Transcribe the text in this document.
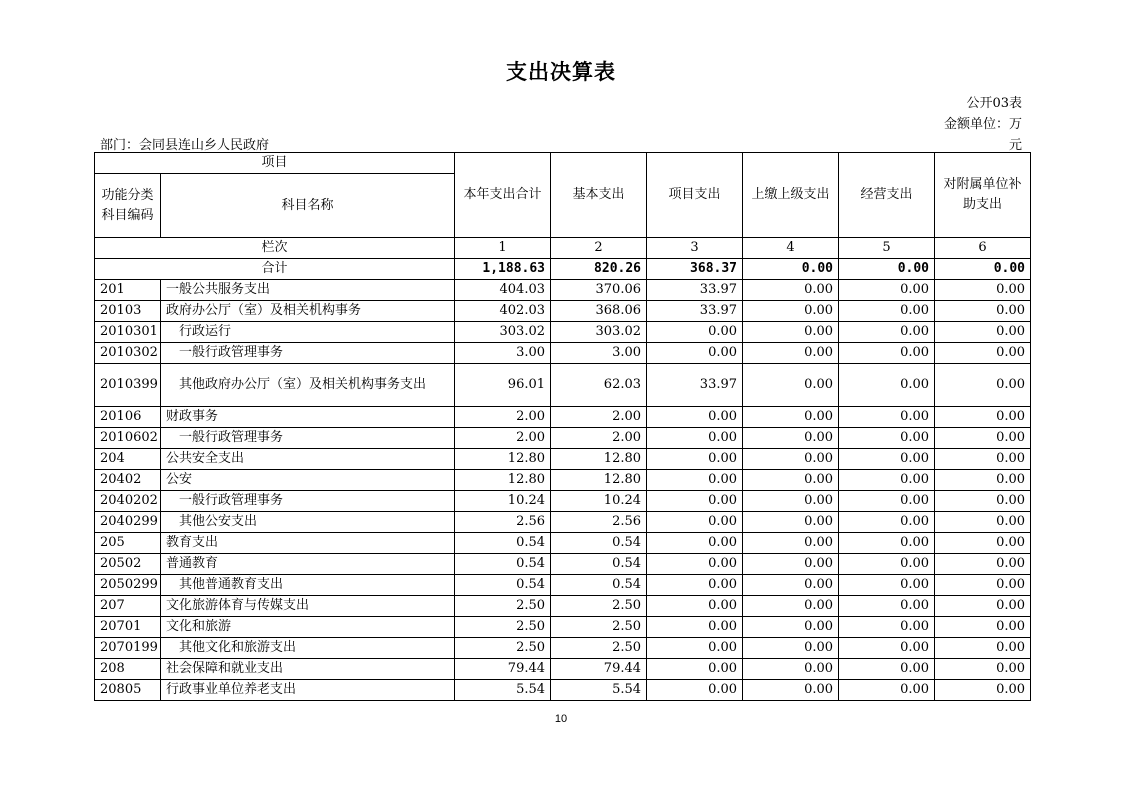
支出决算表
公开03表
金额单位：万
元
部门：会同县连山乡人民政府
项目		本年支出合计	基本支出	项目支出	上缴上级支出	经营支出	对附属单位补助支出
功能分类科目编码	科目名称						
栏次		1	2	3	4	5	6
合计		1,188.63	820.26	368.37	0.00	0.00	0.00
201	一般公共服务支出	404.03	370.06	33.97	0.00	0.00	0.00
20103	政府办公厅（室）及相关机构事务	402.03	368.06	33.97	0.00	0.00	0.00
2010301	行政运行	303.02	303.02	0.00	0.00	0.00	0.00
2010302	一般行政管理事务	3.00	3.00	0.00	0.00	0.00	0.00
2010399	其他政府办公厅（室）及相关机构事务支出	96.01	62.03	33.97	0.00	0.00	0.00
20106	财政事务	2.00	2.00	0.00	0.00	0.00	0.00
2010602	一般行政管理事务	2.00	2.00	0.00	0.00	0.00	0.00
204	公共安全支出	12.80	12.80	0.00	0.00	0.00	0.00
20402	公安	12.80	12.80	0.00	0.00	0.00	0.00
2040202	一般行政管理事务	10.24	10.24	0.00	0.00	0.00	0.00
2040299	其他公安支出	2.56	2.56	0.00	0.00	0.00	0.00
205	教育支出	0.54	0.54	0.00	0.00	0.00	0.00
20502	普通教育	0.54	0.54	0.00	0.00	0.00	0.00
2050299	其他普通教育支出	0.54	0.54	0.00	0.00	0.00	0.00
207	文化旅游体育与传媒支出	2.50	2.50	0.00	0.00	0.00	0.00
20701	文化和旅游	2.50	2.50	0.00	0.00	0.00	0.00
2070199	其他文化和旅游支出	2.50	2.50	0.00	0.00	0.00	0.00
208	社会保障和就业支出	79.44	79.44	0.00	0.00	0.00	0.00
20805	行政事业单位养老支出	5.54	5.54	0.00	0.00	0.00	0.00
10
